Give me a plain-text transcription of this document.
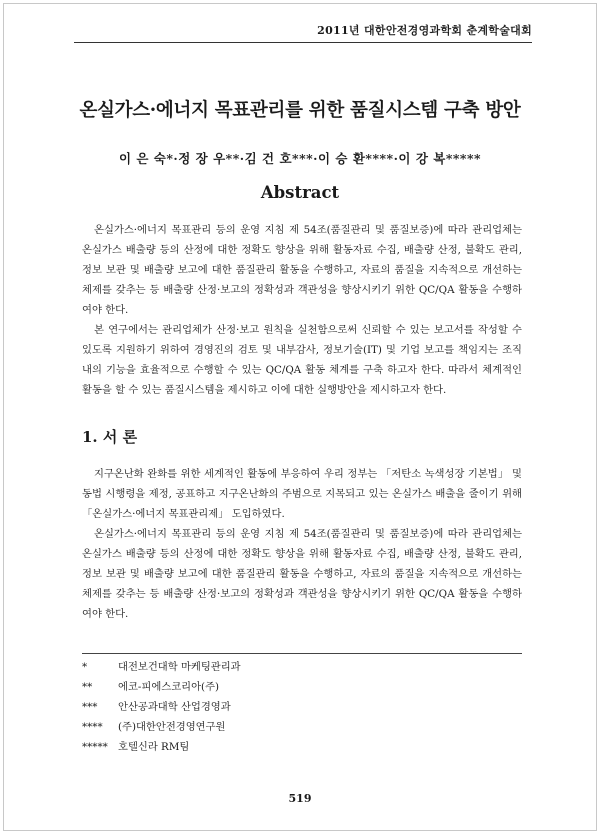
2011년 대한안전경영과학회 춘계학술대회
온실가스·에너지 목표관리를 위한 품질시스템 구축 방안
이 은 숙*·정 장 우**·김 건 호***·이 승 환****·이 강 복*****
Abstract

온실가스·에너지 목표관리 등의 운영 지침 제 54조(품질관리 및 품질보증)에 따라 관리업체는 온실가스 배출량 등의 산정에 대한 정확도 향상을 위해 활동자료 수집, 배출량 산정, 불확도 관리, 정보 보관 및 배출량 보고에 대한 품질관리 활동을 수행하고, 자료의 품질을 지속적으로 개선하는 체제를 갖추는 등 배출량 산정·보고의 정확성과 객관성을 향상시키기 위한 QC/QA 활동을 수행하여야 한다.

본 연구에서는 관리업체가 산정·보고 원칙을 실천함으로써 신뢰할 수 있는 보고서를 작성할 수 있도록 지원하기 위하여 경영진의 검토 및 내부감사, 정보기술(IT) 및 기업 보고를 책임지는 조직 내의 기능을 효율적으로 수행할 수 있는 QC/QA 활동 체계를 구축 하고자 한다. 따라서 체계적인 활동을 할 수 있는 품질시스템을 제시하고 이에 대한 실행방안을 제시하고자 한다.

1. 서 론

지구온난화 완화를 위한 세계적인 활동에 부응하여 우리 정부는 「저탄소 녹색성장 기본법」 및 동법 시행령을 제정, 공표하고 지구온난화의 주범으로 지목되고 있는 온실가스 배출을 줄이기 위해 「온실가스·에너지 목표관리제」 도입하였다.

온실가스·에너지 목표관리 등의 운영 지침 제 54조(품질관리 및 품질보증)에 따라 관리업체는 온실가스 배출량 등의 산정에 대한 정확도 향상을 위해 활동자료 수집, 배출량 산정, 불확도 관리, 정보 보관 및 배출량 보고에 대한 품질관리 활동을 수행하고, 자료의 품질을 지속적으로 개선하는 체제를 갖추는 등 배출량 산정·보고의 정확성과 객관성을 향상시키기 위한 QC/QA 활동을 수행하여야 한다.

*	대전보건대학 마케팅관리과
**	에코-피에스코리아(주)
***	안산공과대학 산업경영과
****	(주)대한안전경영연구원
***** 호텔신라 RM팀
519
